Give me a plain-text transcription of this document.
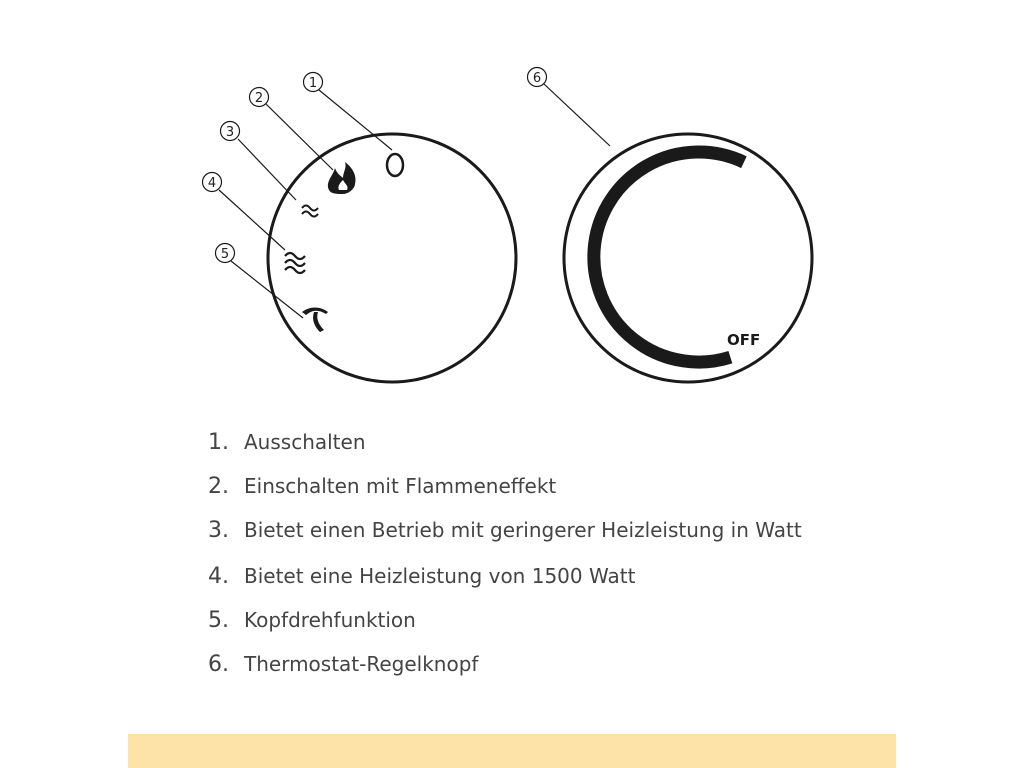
1
2
3
4
5
6
OFF
1. Ausschalten
2. Einschalten mit Flammeneffekt
3. Bietet einen Betrieb mit geringerer Heizleistung in Watt
4. Bietet eine Heizleistung von 1500 Watt
5. Kopfdrehfunktion
6. Thermostat-Regelknopf
